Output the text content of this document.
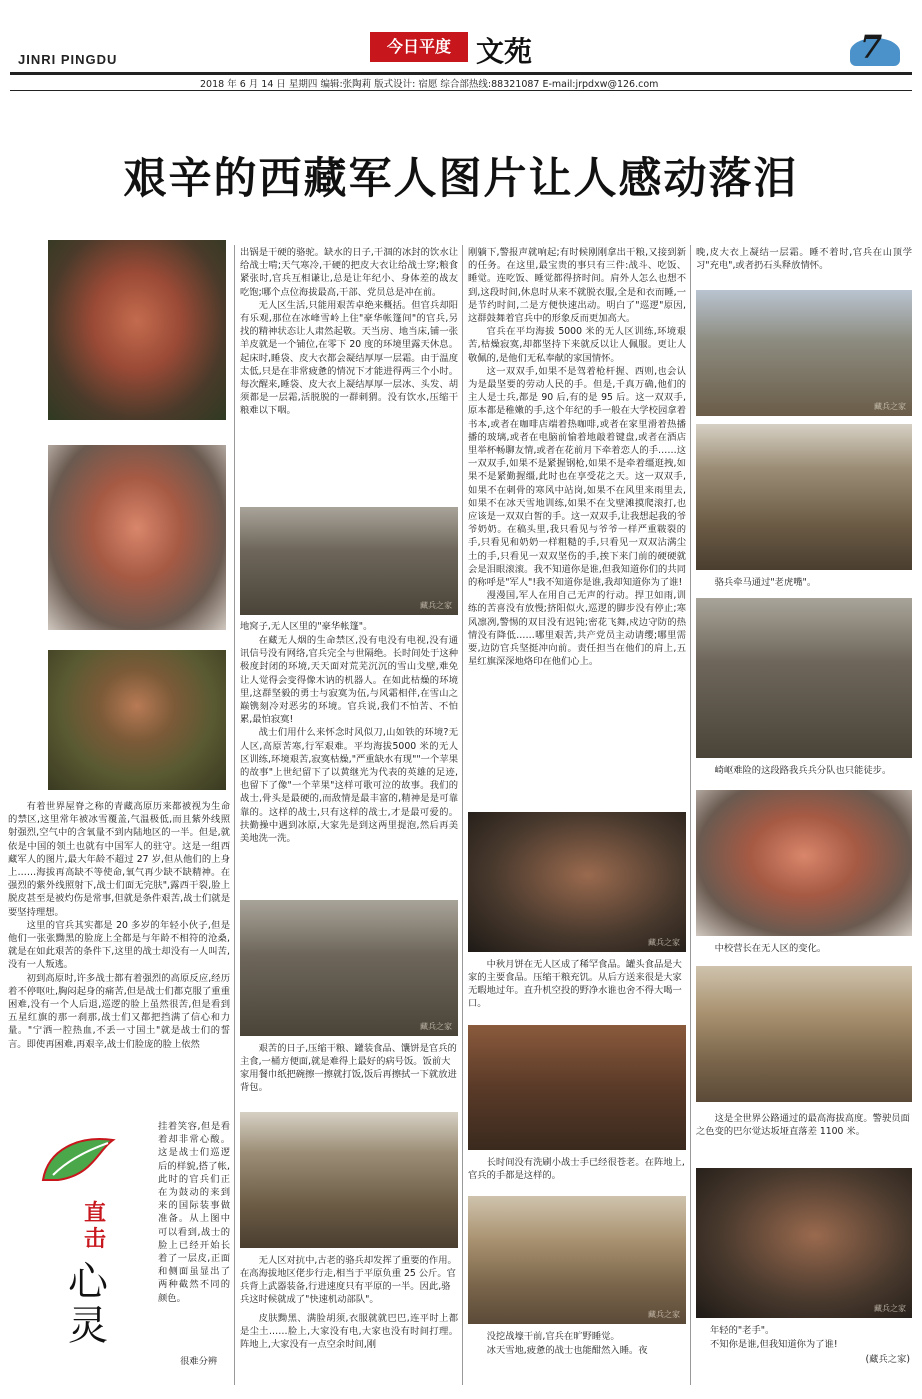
JINRI PINGDU
今日平度 文苑	7
2018 年 6 月 14 日 星期四 编辑:张陶莉 版式设计: 宿愿 综合部热线:88321087 E-mail:jrpdxw@126.com
艰辛的西藏军人图片让人感动落泪

有着世界屋脊之称的青藏高原历来都被视为生命的禁区,这里常年被冰雪覆盖,气温极低,而且紫外线照射强烈,空气中的含氧量不到内陆地区的一半。但是,就依是中国的领土也就有中国军人的驻守。这是一组西藏军人的图片,最大年龄不超过 27 岁,但从他们的上身上……海拔再高缺不等使命,氧气再少缺不缺精神。在强烈的紫外线照射下,战士们面无完肤",露西干裂,脸上脱皮甚至是被灼伤是常事,但就是条件艰苦,战士们就是要坚持理想。

这里的官兵其实都是 20 多岁的年轻小伙子,但是他们一张张黝黑的脸庞上全都是与年龄不相符的沧桑,就是在如此艰苦的条件下,这里的战士却没有一人叫苦,没有一人叛逃。

初到高原时,许多战士都有着强烈的高原反应,经历着不停呕吐,胸闷起身的痛苦,但是战士们都克服了重重困难,没有一个人后退,巡逻的脸上虽然很苦,但是看到五星红旗的那一刹那,战士们又都把挡满了信心和力量。"宁洒一腔热血,不丢一寸国土"就是战士们的誓言。即使再困难,再艰辛,战士们脸庞的脸上依然

挂着笑容,但是看着却非常心酸。这是战士们巡逻后的样貌,搭了帐,此时的官兵们正在为鼓动的来到来的国际装事做准备。从上图中可以看到,战士的脸上已经开始长着了一层皮,正面和侧面虽显出了两种截然不同的颜色。
很难分辨
直击
心灵

出锅是干硬的骆驼。缺水的日子,干涸的冰封的饮水让给战士啃;天气寒冷,干硬的把皮大衣让给战士穿;粮食紧张时,官兵互相谦让,总是让年纪小、身体差的战友吃饱;哪个点位海拔最高,干部、党员总是冲在前。

无人区生活,只能用艰苦卓绝来概括。但官兵却阳有乐观,那位在冰峰雪岭上住"豪华帐篷间"的官兵,另找的精神状态让人肃然起敬。天当房、地当床,铺一张羊皮就是一个铺位,在零下 20 度的环境里露天休息。起床时,睡袋、皮大衣都会凝结厚厚一层霜。由于温度太低,只是在非常疲惫的情况下才能进得两三个小时。每次醒来,睡袋、皮大衣上凝结厚厚一层冰、头发、胡须都是一层霜,活脱脱的一群刺猬。没有饮水,压缩干粮难以下咽。

藏兵之家
地窝子,无人区里的"豪华帐篷"。

在藏无人烟的生命禁区,没有电没有电视,没有通讯信号没有网络,官兵完全与世隔绝。长时间处于这种极度封闭的环境,天天面对荒芜沉沉的雪山戈壁,难免让人觉得会变得像木讷的机器人。在如此枯燥的环境里,这群坚毅的勇士与寂寞为伍,与风霜相伴,在雪山之巅镌刻冷对恶劣的环境。官兵说,我们不怕苦、不怕累,最怕寂寞!

战士们用什么来怀念时风似刀,山如铁的环境?无人区,高原苦寒,行军艰难。平均海拔5000 米的无人区训练,环境艰苦,寂寞枯燥,"严重缺水有现""一个苹果的故事"上世纪留下了以黄继光为代表的英雄的足迹,也留下了像"一个苹果"这样可歌可泣的故事。我们的战士,骨头是最硬的,而敌情是最丰富的,精神是是可靠靠的。这样的战士,只有这样的战士,才是最可爱的。扶勤操中遇到冰原,大家先是到这两里提泡,然后再美美地洗一洗。

藏兵之家
艰苦的日子,压缩干粮、罐装食品、馕饼是官兵的主食,一桶方便面,就是难得上最好的病号饭。饭前大家用餐巾纸把碗擦一擦就打饭,饭后再擦拭一下就放进背包。
无人区对抗中,古老的骆兵却发挥了重要的作用。在高海拔地区佬步行走,相当于平原负重 25 公斤。官兵背上武器装备,行进速度只有平原的一半。因此,骆兵这时候就成了"快速机动部队"。

皮肤黝黑、满脸胡须,衣服就就巴巴,连平时上都是尘土……脸上,大家没有电,大家也没有时间打理。阵地上,大家没有一点空余时间,刚

刚躺下,警报声就响起;有时候刚刚拿出干粮,又接到新的任务。在这里,最宝贵的事只有三件:战斗、吃饭、睡觉。连吃饭、睡觉都得挤时间。肩外人怎么也想不到,这段时间,休息时从来不就脱衣服,全是和衣而睡,一是节约时间,二是方便快速出动。明白了"巡逻"原因,这群鼓舞着官兵中的形象反而更加高大。

官兵在平均海拔 5000 米的无人区训练,环境艰苦,枯燥寂寞,却都坚持下来就反以让人佩服。更让人敬佩的,是他们无私奉献的家国情怀。

这一双双手,如果不是驾着枪杆握、西则,也会认为是最坚要的劳动人民的手。但是,千真万确,他们的主人是士兵,都是 90 后,有的是 95 后。这一双双手,原本都是稚嫩的手,这个年纪的手一般在大学校园拿着书本,或者在咖啡店端着热咖啡,或者在家里滑着热播播的玻璃,或者在电脑前愉着地敲着键盘,或者在酒店里举杯畅聊友情,或者在花前月下牵着恋人的手……这一双双手,如果不是紧握钢枪,如果不是牵着缰逛拽,如果不是紧勤握缰,此时也在享受花之天。这一双双手,如果不在刺骨的寒风中站岗,如果不在风里来雨里去,如果不在冰天雪地训练,如果不在戈壁滩摸爬滚打,也应该是一双双白皙的手。这一双双手,让我想起我的爷爷奶奶。在稿头里,我只看见与爷爷一样严重皲裂的手,只看见和奶奶一样粗糙的手,只看见一双双沾满尘土的手,只看见一双双坚伤的手,挨下来门前的硬硬就会是泪眼滚滚。我不知道你是谁,但我知道你们的共同的称呼是"军人"!我不知道你是谁,我却知道你为了谁!

漫漫国,军人在用自己无声的行动。捍卫如雨,训练的苦喜没有放慢;挤阳似火,巡逻的脚步没有停止;寒风凛冽,警惕的双目没有迟钝;密花飞舞,戍边守防的热情没有降低……哪里艰苦,共产党员主动请缨;哪里需要,边防官兵坚挺冲向前。责任担当在他们的肩上,五星红旗深深地烙印在他们心上。

藏兵之家
中秋月饼在无人区成了稀罕食品。罐头食品是大家的主要食品。压缩干粮充饥。从后方送来很是大家无暇地过年。直升机空投的野净水谁也舍不得大喝一口。
长时间没有洗刷小战士手已经很苍老。在阵地上,官兵的手都是这样的。
藏兵之家
没挖战壕干前,官兵在旷野睡觉。

冰天雪地,疲惫的战士也能酣然入睡。夜

晚,皮大衣上凝结一层霜。睡不着时,官兵在山顶学习"充电",或者扔石头释放情怀。

藏兵之家
骆兵牵马通过"老虎嘴"。
崎岖难险的这段路我兵兵分队也只能徒步。
中校营长在无人区的变化。
这是全世界公路通过的最高海拔高度。警驶员面之色变的巴尔觉达坂垭直落差 1100 米。
藏兵之家
年轻的"老手"。
不知你是谁,但我知道你为了谁!
(藏兵之家)
